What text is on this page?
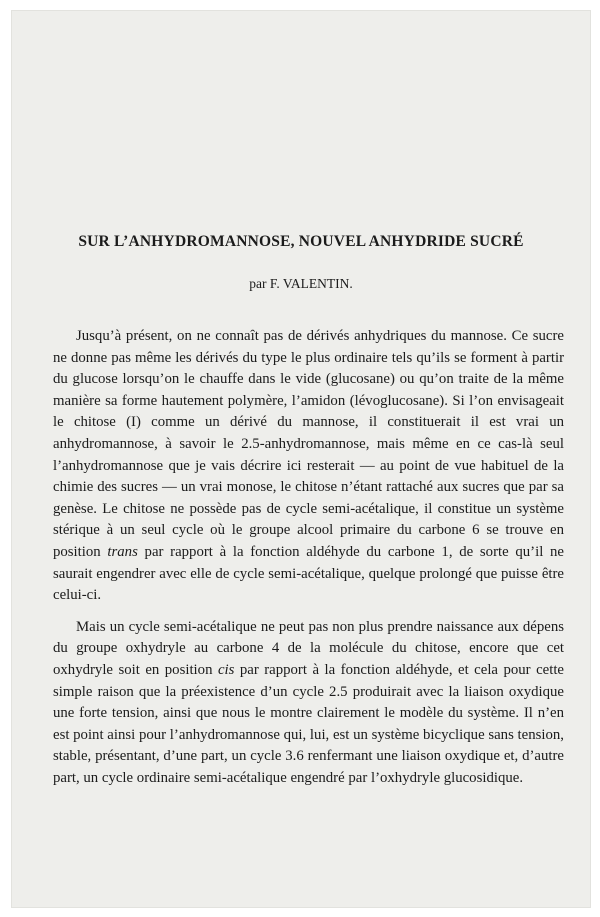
SUR L’ANHYDROMANNOSE, NOUVEL ANHYDRIDE SUCRÉ

par F. VALENTIN.

Jusqu’à présent, on ne connaît pas de dérivés anhydriques du mannose. Ce sucre ne donne pas même les dérivés du type le plus ordinaire tels qu’ils se forment à partir du glucose lorsqu’on le chauffe dans le vide (glucosane) ou qu’on traite de la même manière sa forme hautement polymère, l’amidon (lévoglucosane). Si l’on envisageait le chitose (I) comme un dérivé du mannose, il constituerait il est vrai un anhydromannose, à savoir le 2.5-anhydromannose, mais même en ce cas-là seul l’anhydromannose que je vais décrire ici resterait — au point de vue habituel de la chimie des sucres — un vrai monose, le chitose n’étant rattaché aux sucres que par sa genèse. Le chitose ne possède pas de cycle semi-acétalique, il constitue un système stérique à un seul cycle où le groupe alcool primaire du carbone 6 se trouve en position trans par rapport à la fonction aldéhyde du carbone 1, de sorte qu’il ne saurait engendrer avec elle de cycle semi-acétalique, quelque prolongé que puisse être celui-ci.

Mais un cycle semi-acétalique ne peut pas non plus prendre naissance aux dépens du groupe oxhydryle au carbone 4 de la molécule du chitose, encore que cet oxhydryle soit en position cis par rapport à la fonction aldéhyde, et cela pour cette simple raison que la préexistence d’un cycle 2.5 produirait avec la liaison oxydique une forte tension, ainsi que nous le montre clairement le modèle du système. Il n’en est point ainsi pour l’anhydromannose qui, lui, est un système bicyclique sans tension, stable, présentant, d’une part, un cycle 3.6 renfermant une liaison oxydique et, d’autre part, un cycle ordinaire semi-acétalique engendré par l’oxhydryle glucosidique.
